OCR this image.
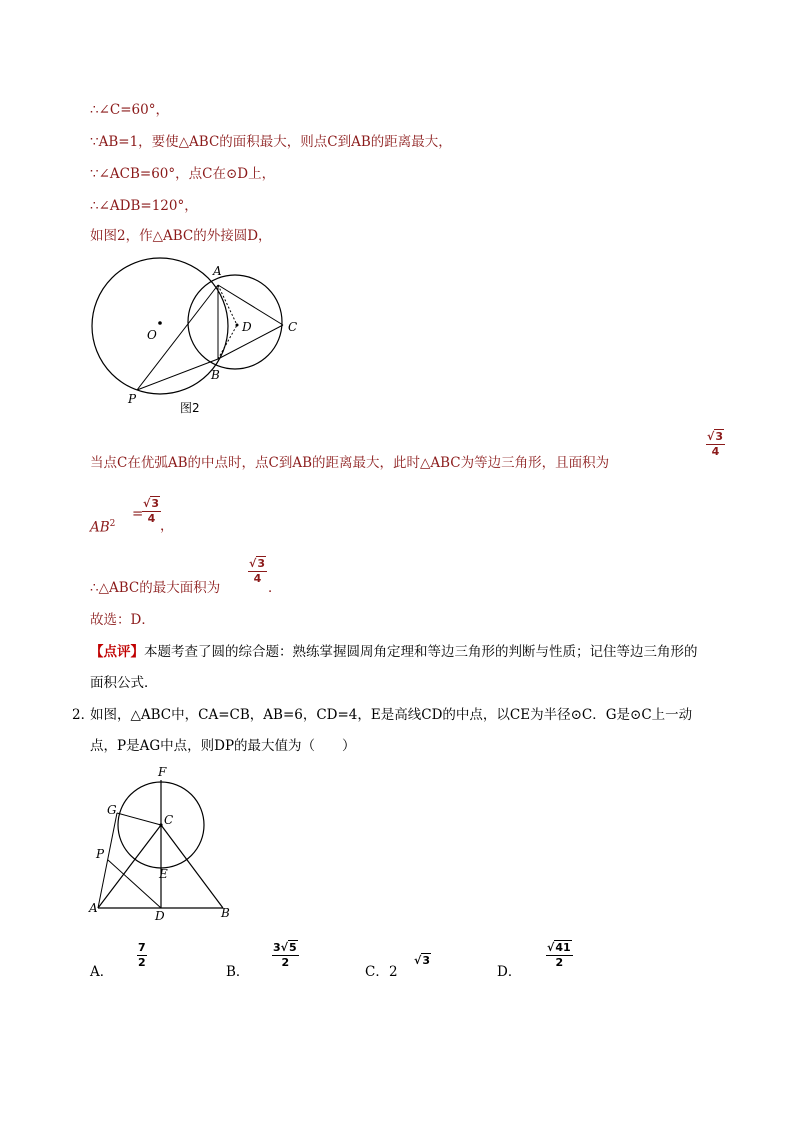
∴∠C=60°，
∵AB=1，要使△ABC的面积最大，则点C到AB的距离最大，
∵∠ACB=60°，点C在⊙D上，
∴∠ADB=120°，
如图2，作△ABC的外接圆D，
A
B
C
D
O
P
图2
当点C在优弧AB的中点时，点C到AB的距离最大，此时△ABC为等边三角形，且面积为
$\frac{√3}{4}$
$AB^2$
=
$\frac{√3}{4}$ ，
∴△ABC的最大面积为
$\frac{√3}{4}$
．
故选：D．
【点评】本题考查了圆的综合题：熟练掌握圆周角定理和等边三角形的判断与性质；记住等边三角形的
面积公式．
2．
如图，△ABC中，CA=CB，AB=6，CD=4，E是高线CD的中点，以CE为半径⊙C．G是⊙C上一动
点，P是AG中点，则DP的最大值为（　　）
F
G
C
P
E
A
D	B
A．
$\frac{7}{2}$
B．
$\frac{3√5}{2}$
C． 2
√3
D．
$\frac{√41}{2}$
